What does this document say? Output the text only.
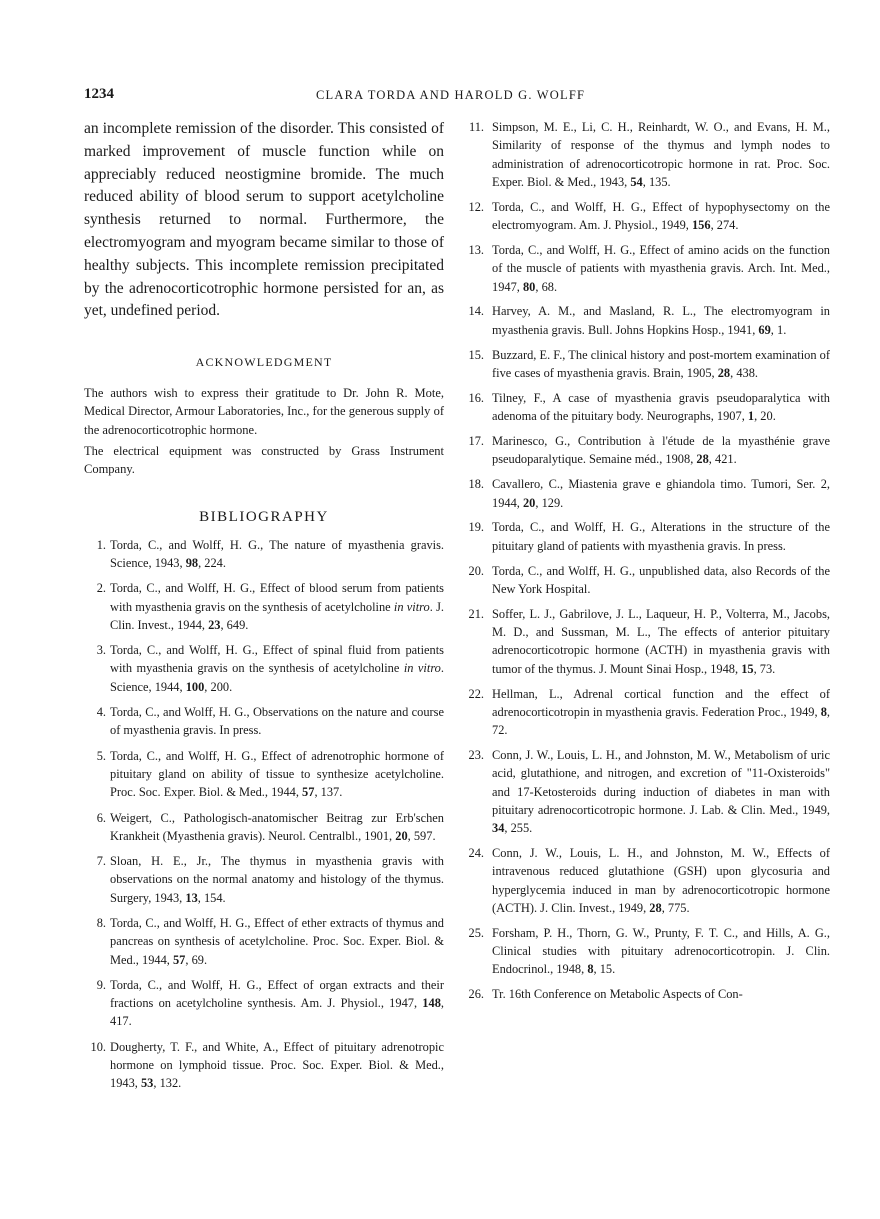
1234	CLARA TORDA AND HAROLD G. WOLFF

an incomplete remission of the disorder. This consisted of marked improvement of muscle function while on appreciably reduced neostigmine bromide. The much reduced ability of blood serum to support acetylcholine synthesis returned to normal. Furthermore, the electromyogram and myogram became similar to those of healthy subjects. This incomplete remission precipitated by the adrenocorticotrophic hormone persisted for an, as yet, undefined period.

ACKNOWLEDGMENT

The authors wish to express their gratitude to Dr. John R. Mote, Medical Director, Armour Laboratories, Inc., for the generous supply of the adrenocorticotrophic hormone.

The electrical equipment was constructed by Grass Instrument Company.

BIBLIOGRAPHY
1. Torda, C., and Wolff, H. G., The nature of myasthenia gravis. Science, 1943, 98, 224.
2. Torda, C., and Wolff, H. G., Effect of blood serum from patients with myasthenia gravis on the synthesis of acetylcholine in vitro. J. Clin. Invest., 1944, 23, 649.
3. Torda, C., and Wolff, H. G., Effect of spinal fluid from patients with myasthenia gravis on the synthesis of acetylcholine in vitro. Science, 1944, 100, 200.
4. Torda, C., and Wolff, H. G., Observations on the nature and course of myasthenia gravis. In press.
5. Torda, C., and Wolff, H. G., Effect of adrenotrophic hormone of pituitary gland on ability of tissue to synthesize acetylcholine. Proc. Soc. Exper. Biol. & Med., 1944, 57, 137.
6. Weigert, C., Pathologisch-anatomischer Beitrag zur Erb'schen Krankheit (Myasthenia gravis). Neurol. Centralbl., 1901, 20, 597.
7. Sloan, H. E., Jr., The thymus in myasthenia gravis with observations on the normal anatomy and histology of the thymus. Surgery, 1943, 13, 154.
8. Torda, C., and Wolff, H. G., Effect of ether extracts of thymus and pancreas on synthesis of acetylcholine. Proc. Soc. Exper. Biol. & Med., 1944, 57, 69.
9. Torda, C., and Wolff, H. G., Effect of organ extracts and their fractions on acetylcholine synthesis. Am. J. Physiol., 1947, 148, 417.
10. Dougherty, T. F., and White, A., Effect of pituitary adrenotropic hormone on lymphoid tissue. Proc. Soc. Exper. Biol. & Med., 1943, 53, 132.
11. Simpson, M. E., Li, C. H., Reinhardt, W. O., and Evans, H. M., Similarity of response of the thymus and lymph nodes to administration of adrenocorticotropic hormone in rat. Proc. Soc. Exper. Biol. & Med., 1943, 54, 135.
12. Torda, C., and Wolff, H. G., Effect of hypophysectomy on the electromyogram. Am. J. Physiol., 1949, 156, 274.
13. Torda, C., and Wolff, H. G., Effect of amino acids on the function of the muscle of patients with myasthenia gravis. Arch. Int. Med., 1947, 80, 68.
14. Harvey, A. M., and Masland, R. L., The electromyogram in myasthenia gravis. Bull. Johns Hopkins Hosp., 1941, 69, 1.
15. Buzzard, E. F., The clinical history and post-mortem examination of five cases of myasthenia gravis. Brain, 1905, 28, 438.
16. Tilney, F., A case of myasthenia gravis pseudoparalytica with adenoma of the pituitary body. Neurographs, 1907, 1, 20.
17. Marinesco, G., Contribution à l'étude de la myasthénie grave pseudoparalytique. Semaine méd., 1908, 28, 421.
18. Cavallero, C., Miastenia grave e ghiandola timo. Tumori, Ser. 2, 1944, 20, 129.
19. Torda, C., and Wolff, H. G., Alterations in the structure of the pituitary gland of patients with myasthenia gravis. In press.
20. Torda, C., and Wolff, H. G., unpublished data, also Records of the New York Hospital.
21. Soffer, L. J., Gabrilove, J. L., Laqueur, H. P., Volterra, M., Jacobs, M. D., and Sussman, M. L., The effects of anterior pituitary adrenocorticotropic hormone (ACTH) in myasthenia gravis with tumor of the thymus. J. Mount Sinai Hosp., 1948, 15, 73.
22. Hellman, L., Adrenal cortical function and the effect of adrenocorticotropin in myasthenia gravis. Federation Proc., 1949, 8, 72.
23. Conn, J. W., Louis, L. H., and Johnston, M. W., Metabolism of uric acid, glutathione, and nitrogen, and excretion of "11-Oxisteroids" and 17-Ketosteroids during induction of diabetes in man with pituitary adrenocorticotropic hormone. J. Lab. & Clin. Med., 1949, 34, 255.
24. Conn, J. W., Louis, L. H., and Johnston, M. W., Effects of intravenous reduced glutathione (GSH) upon glycosuria and hyperglycemia induced in man by adrenocorticotropic hormone (ACTH). J. Clin. Invest., 1949, 28, 775.
25. Forsham, P. H., Thorn, G. W., Prunty, F. T. C., and Hills, A. G., Clinical studies with pituitary adrenocorticotropin. J. Clin. Endocrinol., 1948, 8, 15.
26. Tr. 16th Conference on Metabolic Aspects of Con-
